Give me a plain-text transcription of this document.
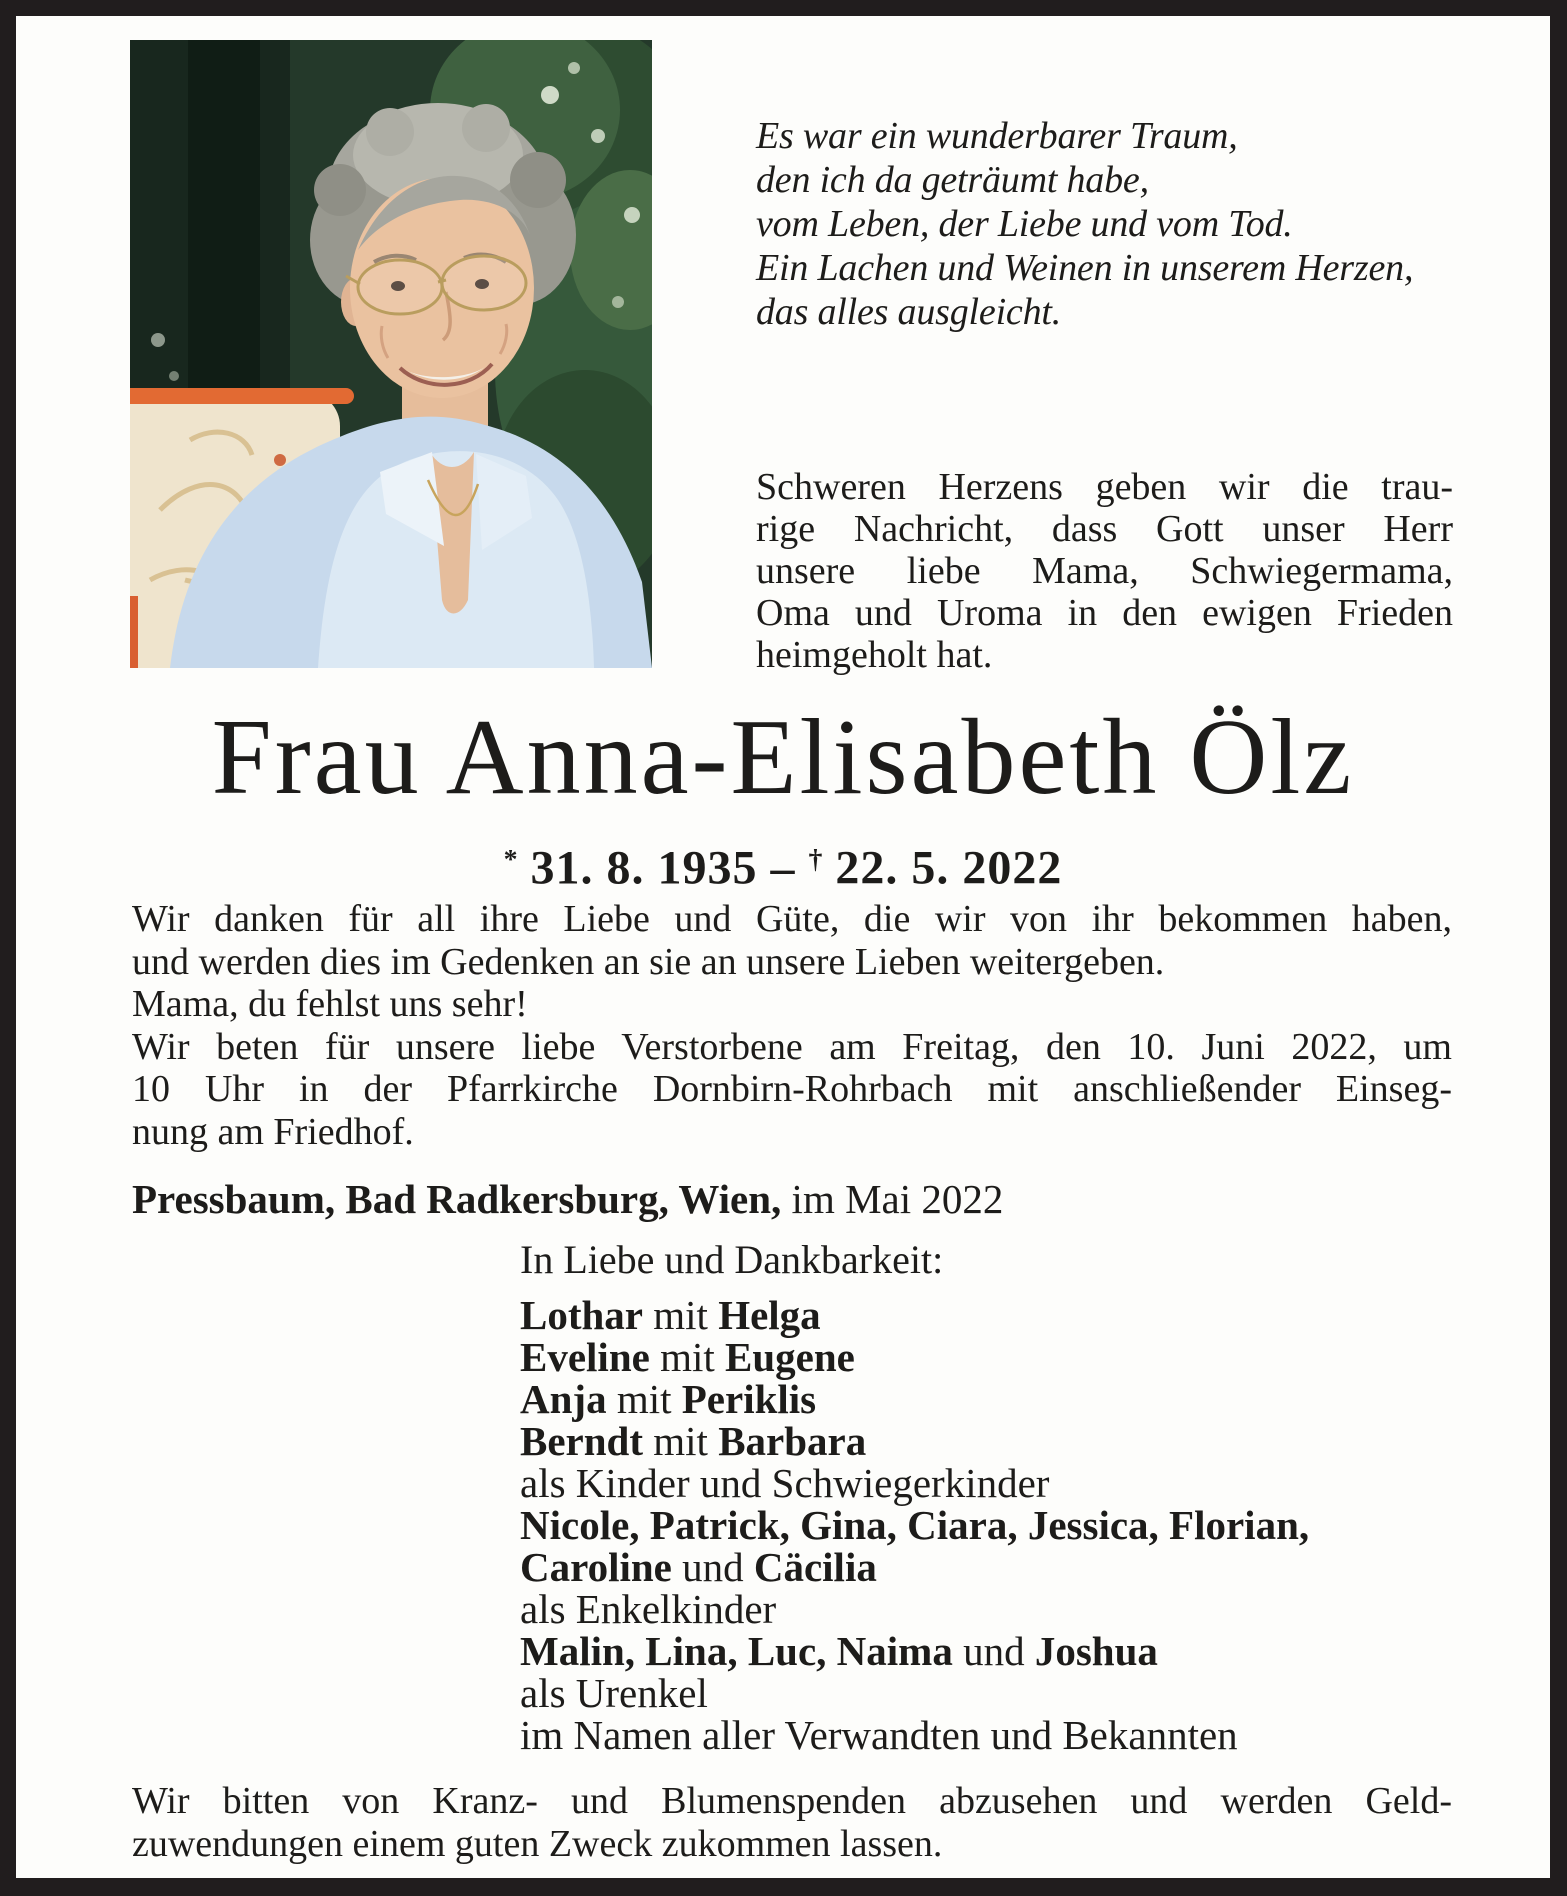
Es war ein wunderbarer Traum,
den ich da geträumt habe,
vom Leben, der Liebe und vom Tod.
Ein Lachen und Weinen in unserem Herzen,
das alles ausgleicht.
Schweren Herzens geben wir die trau-
rige Nachricht, dass Gott unser Herr
unsere liebe Mama, Schwiegermama,
Oma und Uroma in den ewigen Frieden
heimgeholt hat.
Frau Anna-Elisabeth Ölz
* 31. 8. 1935 – † 22. 5. 2022
Wir danken für all ihre Liebe und Güte, die wir von ihr bekommen haben,
und werden dies im Gedenken an sie an unsere Lieben weitergeben.
Mama, du fehlst uns sehr!
Wir beten für unsere liebe Verstorbene am Freitag, den 10. Juni 2022, um
10 Uhr in der Pfarrkirche Dornbirn-Rohrbach mit anschließender Einseg-
nung am Friedhof.
Pressbaum, Bad Radkersburg, Wien, im Mai 2022
In Liebe und Dankbarkeit:
Lothar mit Helga
Eveline mit Eugene
Anja mit Periklis
Berndt mit Barbara
als Kinder und Schwiegerkinder
Nicole, Patrick, Gina, Ciara, Jessica, Florian,
Caroline und Cäcilia
als Enkelkinder
Malin, Lina, Luc, Naima und Joshua
als Urenkel
im Namen aller Verwandten und Bekannten
Wir bitten von Kranz- und Blumenspenden abzusehen und werden Geld-
zuwendungen einem guten Zweck zukommen lassen.
